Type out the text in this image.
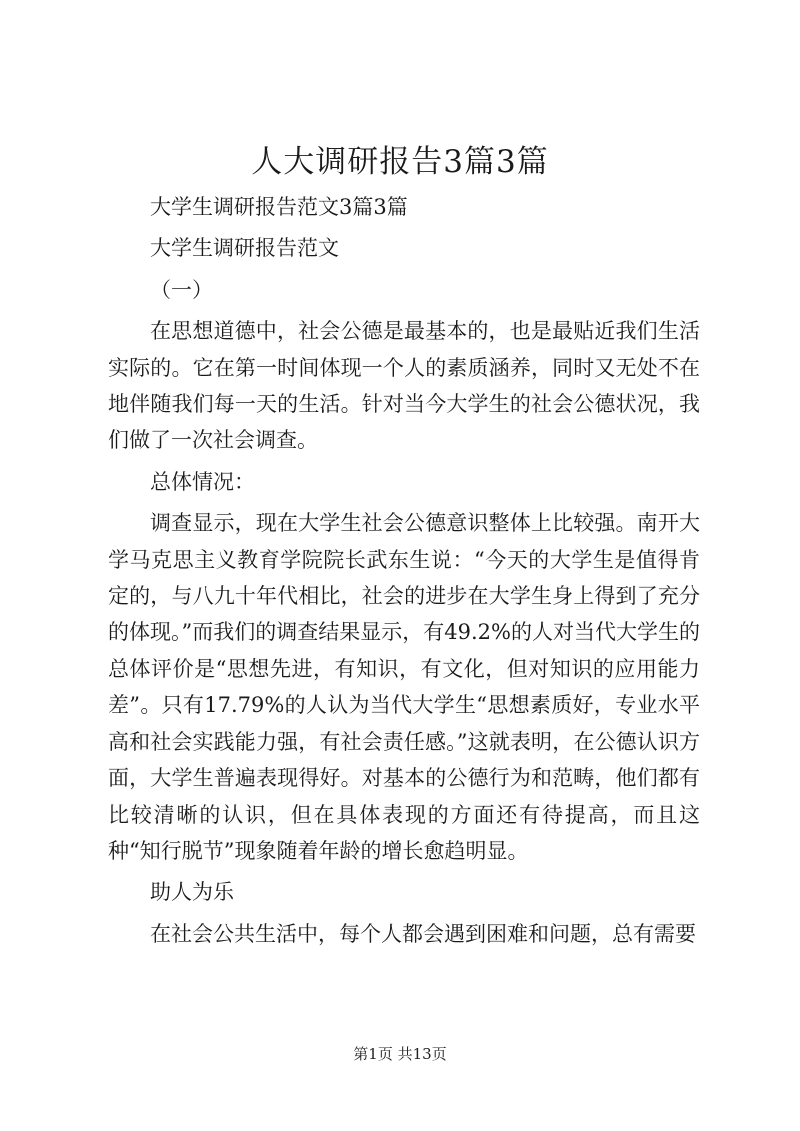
人大调研报告3篇3篇

大学生调研报告范文3篇3篇

大学生调研报告范文

（一）

在思想道德中，社会公德是最基本的，也是最贴近我们生活实际的。它在第一时间体现一个人的素质涵养，同时又无处不在地伴随我们每一天的生活。针对当今大学生的社会公德状况，我们做了一次社会调查。

总体情况：

调查显示，现在大学生社会公德意识整体上比较强。南开大学马克思主义教育学院院长武东生说：“今天的大学生是值得肯定的，与八九十年代相比，社会的进步在大学生身上得到了充分的体现。”而我们的调查结果显示，有49.2%的人对当代大学生的总体评价是“思想先进，有知识，有文化，但对知识的应用能力差”。只有17.79%的人认为当代大学生“思想素质好，专业水平高和社会实践能力强，有社会责任感。”这就表明，在公德认识方面，大学生普遍表现得好。对基本的公德行为和范畴，他们都有比较清晰的认识，但在具体表现的方面还有待提高，而且这种“知行脱节”现象随着年龄的增长愈趋明显。

助人为乐

在社会公共生活中，每个人都会遇到困难和问题，总有需要

第1页 共13页
